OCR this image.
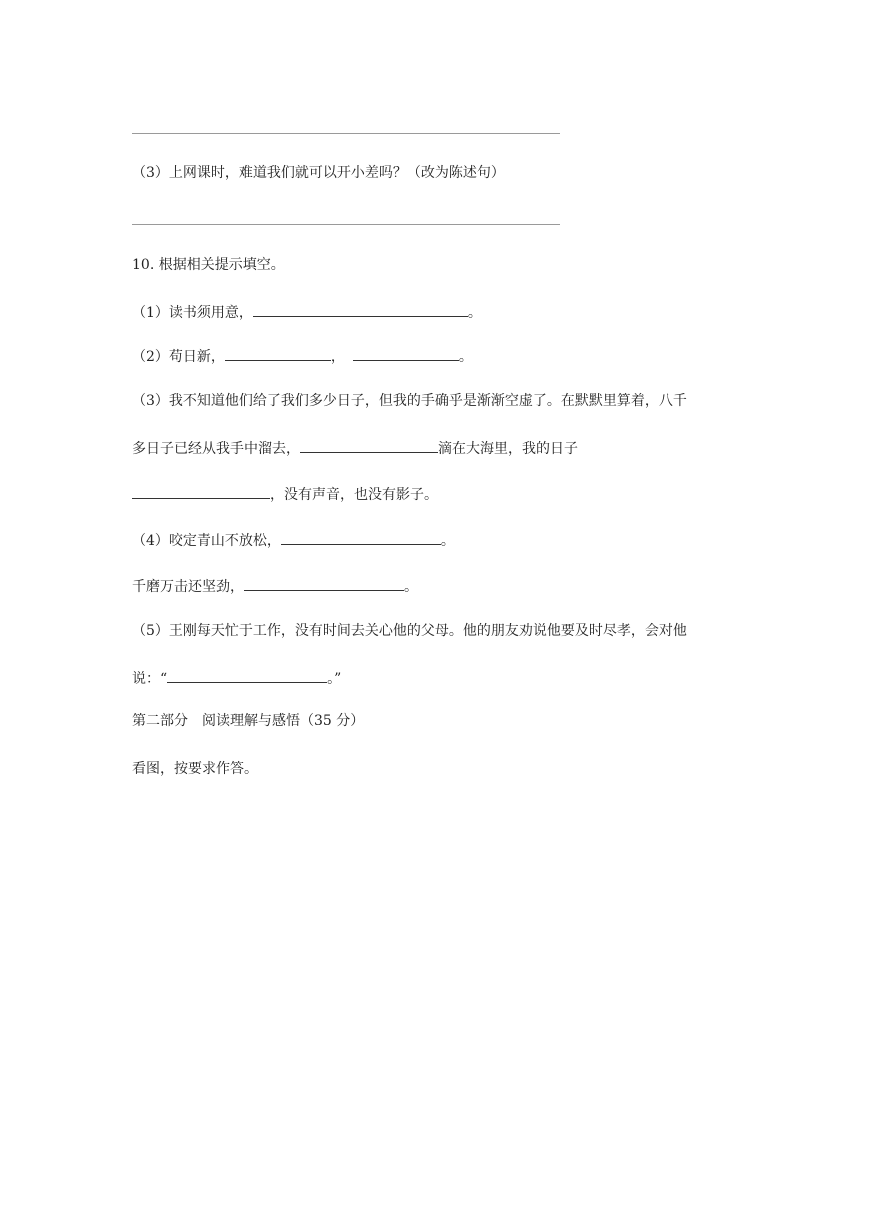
（3）上网课时，难道我们就可以开小差吗？（改为陈述句）
10. 根据相关提示填空。
（1）读书须用意，	。
（2）苟日新，	，	。
（3）我不知道他们给了我们多少日子，但我的手确乎是渐渐空虚了。在默默里算着，八千
多日子已经从我手中溜去，	滴在大海里，我的日子
，没有声音，也没有影子。
（4）咬定青山不放松，	。
千磨万击还坚劲，	。
（5）王刚每天忙于工作，没有时间去关心他的父母。他的朋友劝说他要及时尽孝，会对他
说：“	。”
第二部分　阅读理解与感悟（35 分）
看图，按要求作答。
